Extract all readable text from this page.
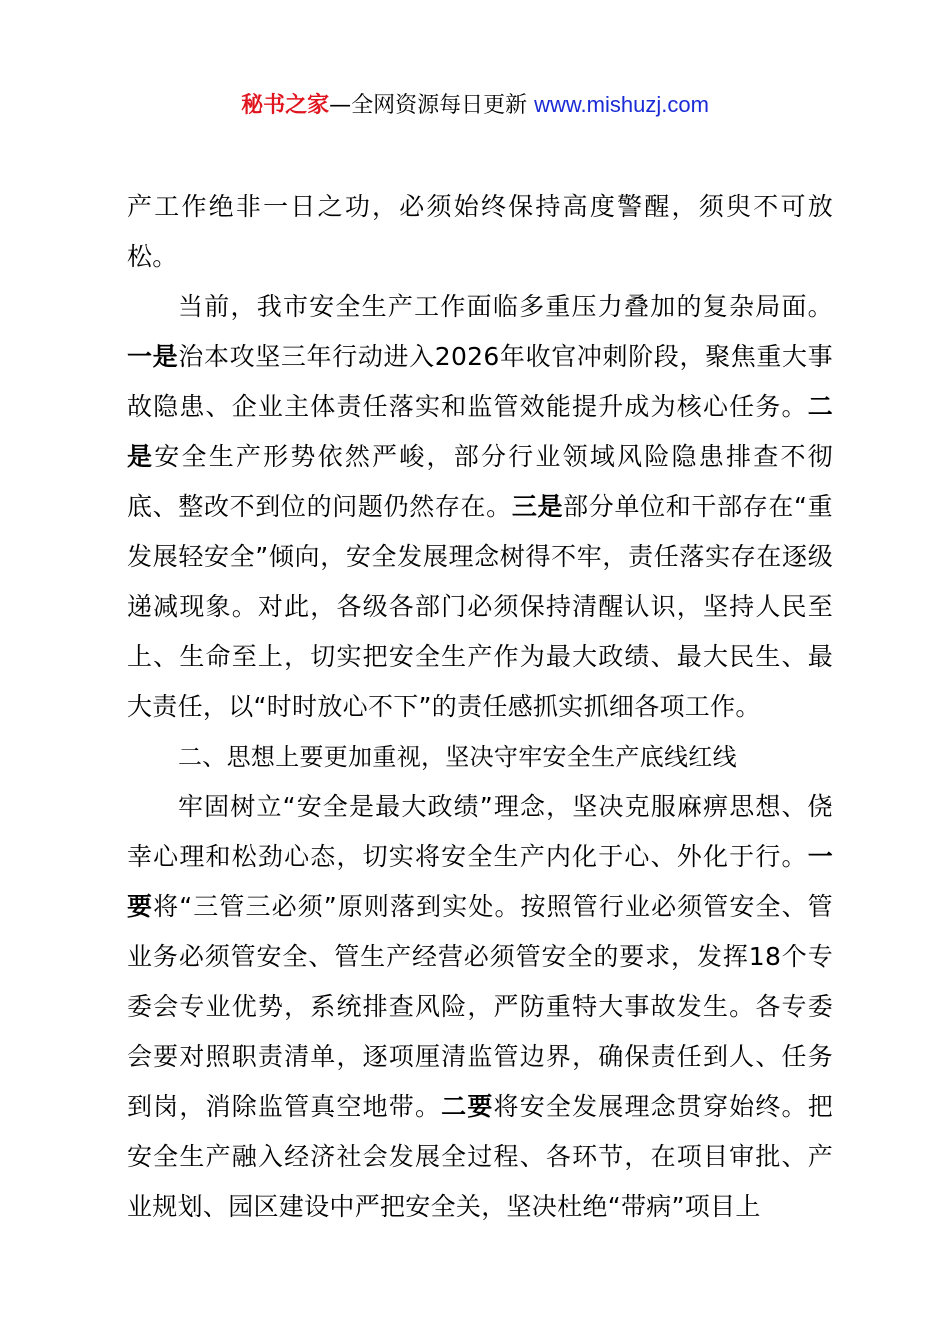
秘书之家—全网资源每日更新 www.mishuzj.com

产工作绝非一日之功，必须始终保持高度警醒，须臾不可放松。

当前，我市安全生产工作面临多重压力叠加的复杂局面。一是治本攻坚三年行动进入2026年收官冲刺阶段，聚焦重大事故隐患、企业主体责任落实和监管效能提升成为核心任务。二是安全生产形势依然严峻，部分行业领域风险隐患排查不彻底、整改不到位的问题仍然存在。三是部分单位和干部存在“重发展轻安全”倾向，安全发展理念树得不牢，责任落实存在逐级递减现象。对此，各级各部门必须保持清醒认识，坚持人民至上、生命至上，切实把安全生产作为最大政绩、最大民生、最大责任，以“时时放心不下”的责任感抓实抓细各项工作。

二、思想上要更加重视，坚决守牢安全生产底线红线

牢固树立“安全是最大政绩”理念，坚决克服麻痹思想、侥幸心理和松劲心态，切实将安全生产内化于心、外化于行。一要将“三管三必须”原则落到实处。按照管行业必须管安全、管业务必须管安全、管生产经营必须管安全的要求，发挥18个专委会专业优势，系统排查风险，严防重特大事故发生。各专委会要对照职责清单，逐项厘清监管边界，确保责任到人、任务到岗，消除监管真空地带。二要将安全发展理念贯穿始终。把安全生产融入经济社会发展全过程、各环节，在项目审批、产业规划、园区建设中严把安全关，坚决杜绝“带病”项目上
